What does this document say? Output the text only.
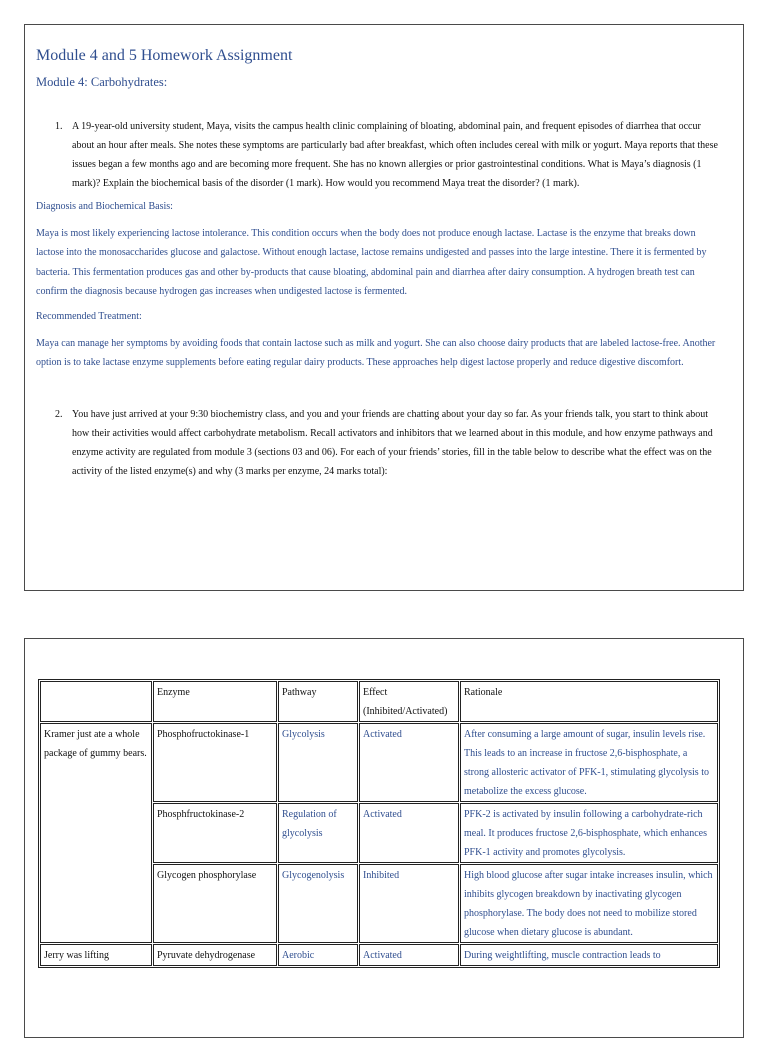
Module 4 and 5 Homework Assignment
Module 4: Carbohydrates:
1. A 19-year-old university student, Maya, visits the campus health clinic complaining of bloating, abdominal pain, and frequent episodes of diarrhea that occur about an hour after meals. She notes these symptoms are particularly bad after breakfast, which often includes cereal with milk or yogurt. Maya reports that these issues began a few months ago and are becoming more frequent. She has no known allergies or prior gastrointestinal conditions. What is Maya’s diagnosis (1 mark)? Explain the biochemical basis of the disorder (1 mark). How would you recommend Maya treat the disorder? (1 mark).
Diagnosis and Biochemical Basis:
Maya is most likely experiencing lactose intolerance. This condition occurs when the body does not produce enough lactase. Lactase is the enzyme that breaks down lactose into the monosaccharides glucose and galactose. Without enough lactase, lactose remains undigested and passes into the large intestine. There it is fermented by bacteria. This fermentation produces gas and other by-products that cause bloating, abdominal pain and diarrhea after dairy consumption. A hydrogen breath test can confirm the diagnosis because hydrogen gas increases when undigested lactose is fermented.
Recommended Treatment:
Maya can manage her symptoms by avoiding foods that contain lactose such as milk and yogurt. She can also choose dairy products that are labeled lactose-free. Another option is to take lactase enzyme supplements before eating regular dairy products. These approaches help digest lactose properly and reduce digestive discomfort.
2. You have just arrived at your 9:30 biochemistry class, and you and your friends are chatting about your day so far. As your friends talk, you start to think about how their activities would affect carbohydrate metabolism. Recall activators and inhibitors that we learned about in this module, and how enzyme pathways and enzyme activity are regulated from module 3 (sections 03 and 06). For each of your friends’ stories, fill in the table below to describe what the effect was on the activity of the listed enzyme(s) and why (3 marks per enzyme, 24 marks total):
	Enzyme	Pathway	Effect (Inhibited/Activated)	Rationale
Kramer just ate a whole package of gummy bears.	Phosphofructokinase-1	Glycolysis	Activated	After consuming a large amount of sugar, insulin levels rise. This leads to an increase in fructose 2,6-bisphosphate, a strong allosteric activator of PFK-1, stimulating glycolysis to metabolize the excess glucose.
	Phosphfructokinase-2	Regulation of glycolysis	Activated	PFK-2 is activated by insulin following a carbohydrate-rich meal. It produces fructose 2,6-bisphosphate, which enhances PFK-1 activity and promotes glycolysis.
	Glycogen phosphorylase	Glycogenolysis	Inhibited	High blood glucose after sugar intake increases insulin, which inhibits glycogen breakdown by inactivating glycogen phosphorylase. The body does not need to mobilize stored glucose when dietary glucose is abundant.
Jerry was lifting	Pyruvate dehydrogenase	Aerobic	Activated	During weightlifting, muscle contraction leads to
